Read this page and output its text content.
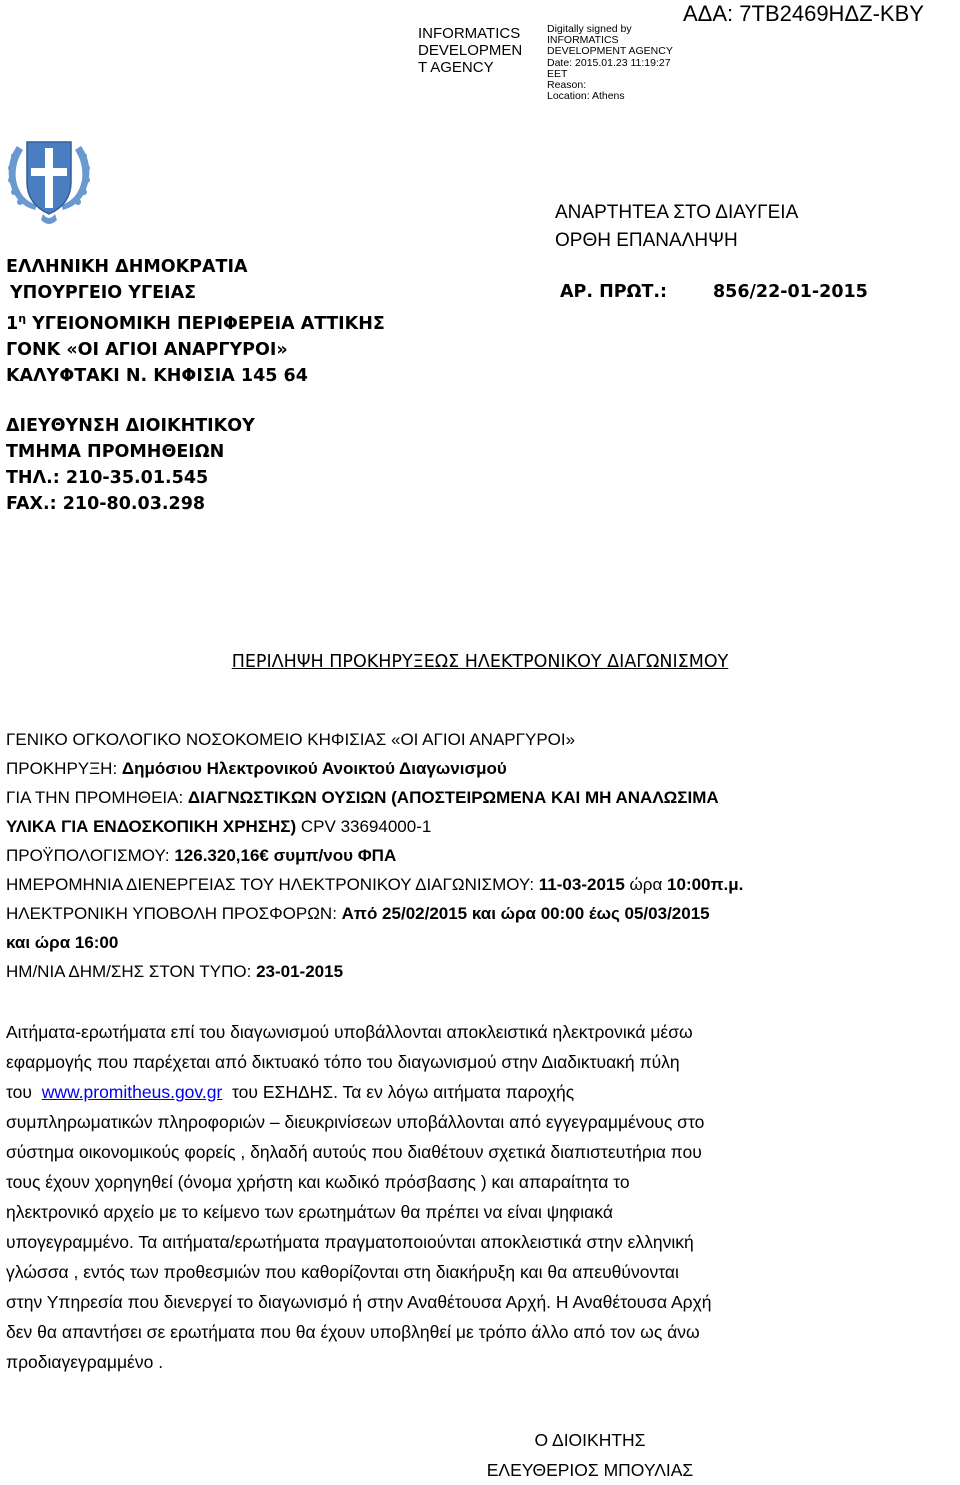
INFORMATICS
DEVELOPMEN
T AGENCY
Digitally signed by
INFORMATICS
DEVELOPMENT AGENCY
Date: 2015.01.23 11:19:27
EET
Reason:
Location: Athens
ΑΔΑ: 7ΤΒ2469ΗΔΖ-ΚΒΥ
ΑΝΑΡΤΗΤΕΑ ΣΤΟ ΔΙΑΥΓΕΙΑ
ΟΡΘΗ ΕΠΑΝΑΛΗΨΗ
ΑΡ. ΠΡΩΤ.:	856/22-01-2015
ΕΛΛΗΝΙΚΗ ΔΗΜΟΚΡΑΤΙΑ
ΥΠΟΥΡΓΕΙΟ ΥΓΕΙΑΣ
$1^\eta$ ΥΓΕΙΟΝΟΜΙΚΗ ΠΕΡΙΦΕΡΕΙΑ ΑΤΤΙΚΗΣ
ΓΟΝΚ «ΟΙ ΑΓΙΟΙ ΑΝΑΡΓΥΡΟΙ»
ΚΑΛΥΦΤΑΚΙ Ν. ΚΗΦΙΣΙΑ 145 64
ΔΙΕΥΘΥΝΣΗ ΔΙΟΙΚΗΤΙΚΟΥ
ΤΜΗΜΑ ΠΡΟΜΗΘΕΙΩΝ
ΤΗΛ.: 210-35.01.545
FAX.: 210-80.03.298
ΠΕΡΙΛΗΨΗ ΠΡΟΚΗΡΥΞΕΩΣ ΗΛΕΚΤΡΟΝΙΚΟΥ ΔΙΑΓΩΝΙΣΜΟΥ
ΓΕΝΙΚΟ ΟΓΚΟΛΟΓΙΚΟ ΝΟΣΟΚΟΜΕΙΟ ΚΗΦΙΣΙΑΣ «ΟΙ ΑΓΙΟΙ ΑΝΑΡΓΥΡΟΙ»
ΠΡΟΚΗΡΥΞΗ: Δημόσιου Ηλεκτρονικού Ανοικτού Διαγωνισμού
ΓΙΑ ΤΗΝ ΠΡΟΜΗΘΕΙΑ: ΔΙΑΓΝΩΣΤΙΚΩΝ ΟΥΣΙΩΝ (ΑΠΟΣΤΕΙΡΩΜΕΝΑ ΚΑΙ ΜΗ ΑΝΑΛΩΣΙΜΑ
ΥΛΙΚΑ ΓΙΑ ΕΝΔΟΣΚΟΠΙΚΗ ΧΡΗΣΗΣ) CPV 33694000-1
ΠΡΟΫΠΟΛΟΓΙΣΜΟΥ: 126.320,16€ συμπ/νου ΦΠΑ
ΗΜΕΡΟΜΗΝΙΑ ΔΙΕΝΕΡΓΕΙΑΣ ΤΟΥ ΗΛΕΚΤΡΟΝΙΚΟΥ ΔΙΑΓΩΝΙΣΜΟΥ: 11-03-2015 ώρα 10:00π.μ.
ΗΛΕΚΤΡΟΝΙΚΗ ΥΠΟΒΟΛΗ ΠΡΟΣΦΟΡΩΝ: Από 25/02/2015 και ώρα 00:00 έως 05/03/2015
και ώρα 16:00
ΗΜ/ΝΙΑ ΔΗΜ/ΣΗΣ ΣΤΟΝ ΤΥΠΟ: 23-01-2015
Αιτήματα-ερωτήματα επί του διαγωνισμού υποβάλλονται αποκλειστικά ηλεκτρονικά μέσω
εφαρμογής που παρέχεται από δικτυακό τόπο του διαγωνισμού στην Διαδικτυακή πύλη
του  www.promitheus.gov.gr  του ΕΣΗΔΗΣ. Τα εν λόγω αιτήματα παροχής
συμπληρωματικών πληροφοριών – διευκρινίσεων υποβάλλονται από εγγεγραμμένους στο
σύστημα οικονομικούς φορείς , δηλαδή αυτούς που διαθέτουν σχετικά διαπιστευτήρια που
τους έχουν χορηγηθεί (όνομα χρήστη και κωδικό πρόσβασης ) και απαραίτητα το
ηλεκτρονικό αρχείο με το κείμενο των ερωτημάτων θα πρέπει να είναι ψηφιακά
υπογεγραμμένο. Τα αιτήματα/ερωτήματα πραγματοποιούνται αποκλειστικά στην ελληνική
γλώσσα , εντός των προθεσμιών που καθορίζονται στη διακήρυξη και θα απευθύνονται
στην Υπηρεσία που διενεργεί το διαγωνισμό ή στην Αναθέτουσα Αρχή. Η Αναθέτουσα Αρχή
δεν θα απαντήσει σε ερωτήματα που θα έχουν υποβληθεί με τρόπο άλλο από τον ως άνω
προδιαγεγραμμένο .
Ο ΔΙΟΙΚΗΤΗΣ
ΕΛΕΥΘΕΡΙΟΣ ΜΠΟΥΛΙΑΣ
